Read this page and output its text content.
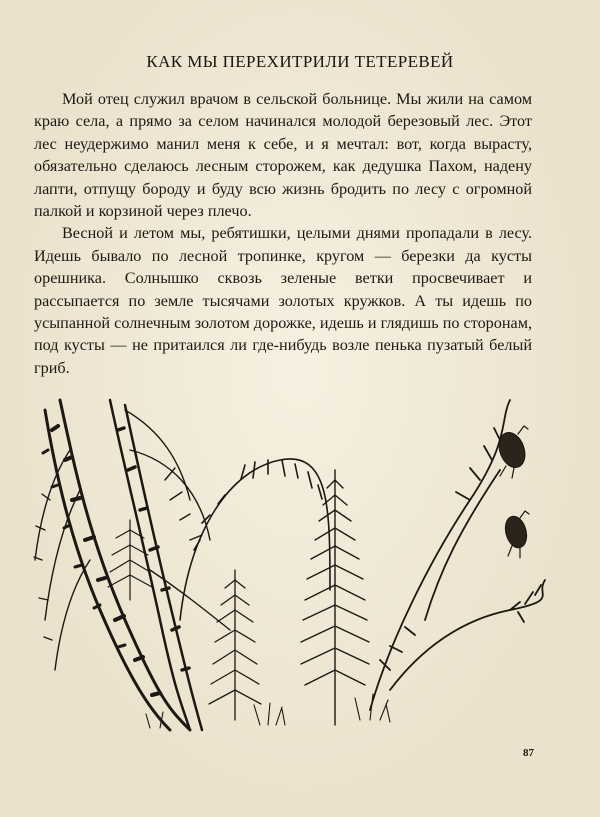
КАК МЫ ПЕРЕХИТРИЛИ ТЕТЕРЕВЕЙ

Мой отец служил врачом в сельской больнице. Мы жили на самом краю села, а прямо за селом начинался молодой березовый лес. Этот лес неудержимо манил меня к себе, и я мечтал: вот, когда вырасту, обязательно сделаюсь лесным сторожем, как дедушка Пахом, надену лапти, отпущу бороду и буду всю жизнь бродить по лесу с огромной палкой и корзиной через плечо.

Весной и летом мы, ребятишки, целыми днями пропадали в лесу. Идешь бывало по лесной тропинке, кругом — березки да кусты орешника. Солнышко сквозь зеленые ветки просвечивает и рассыпается по земле тысячами золотых кружков. А ты идешь по усыпанной солнечным золотом дорожке, идешь и глядишь по сторонам, под кусты — не притаился ли где-нибудь возле пенька пузатый белый гриб.

87
